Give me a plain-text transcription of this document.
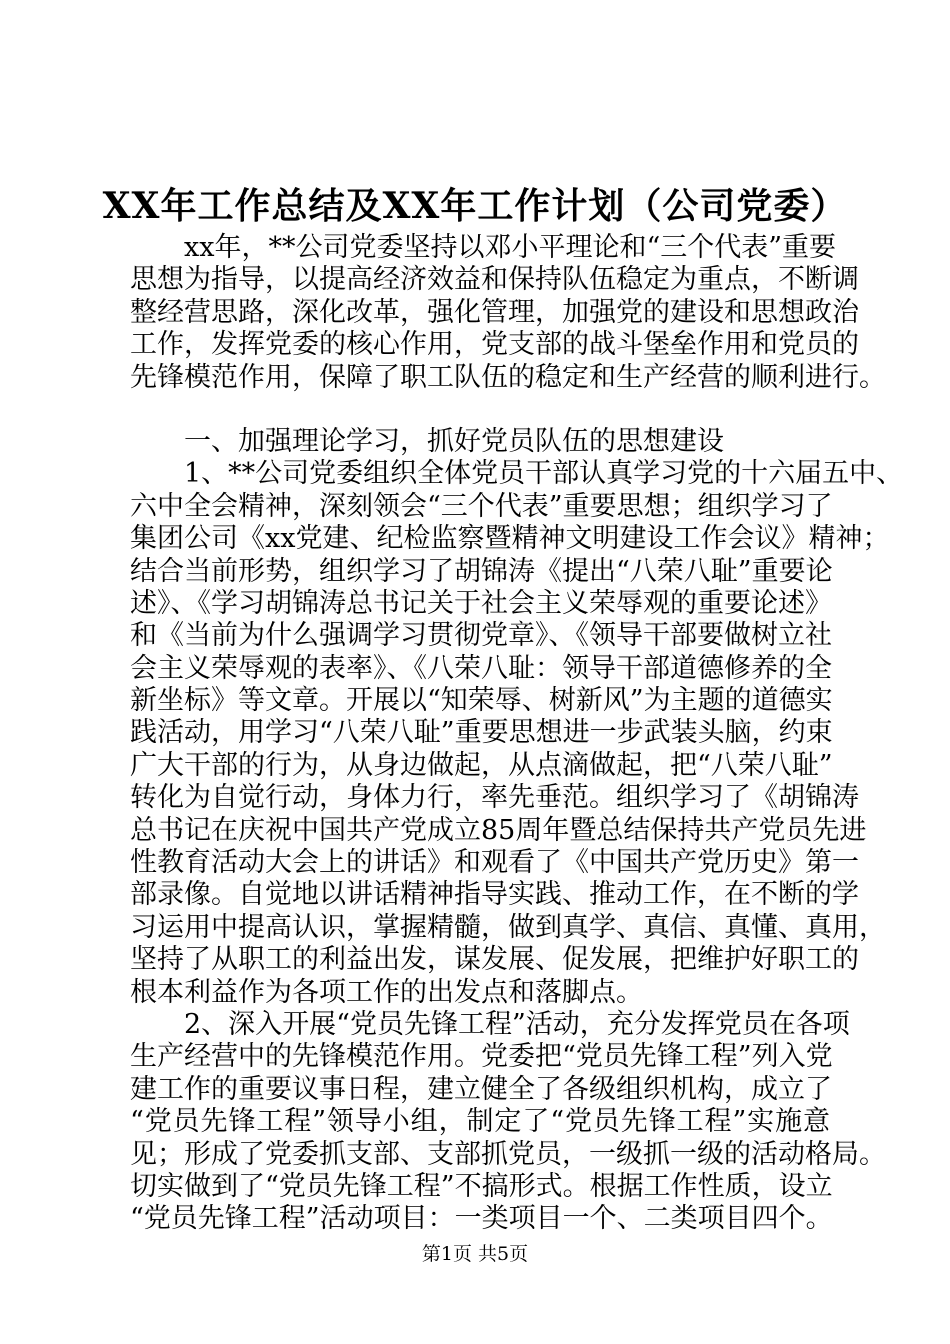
XX年工作总结及XX年工作计划（公司党委）
　　xx年，**公司党委坚持以邓小平理论和“三个代表”重要
思想为指导，以提高经济效益和保持队伍稳定为重点，不断调
整经营思路，深化改革，强化管理，加强党的建设和思想政治
工作，发挥党委的核心作用，党支部的战斗堡垒作用和党员的
先锋模范作用，保障了职工队伍的稳定和生产经营的顺利进行。
　　一、加强理论学习，抓好党员队伍的思想建设
　　1、**公司党委组织全体党员干部认真学习党的十六届五中、
六中全会精神，深刻领会“三个代表”重要思想；组织学习了
集团公司《xx党建、纪检监察暨精神文明建设工作会议》精神；
结合当前形势，组织学习了胡锦涛《提出“八荣八耻”重要论
述》、《学习胡锦涛总书记关于社会主义荣辱观的重要论述》
和《当前为什么强调学习贯彻党章》、《领导干部要做树立社
会主义荣辱观的表率》、《八荣八耻：领导干部道德修养的全
新坐标》等文章。开展以“知荣辱、树新风”为主题的道德实
践活动，用学习“八荣八耻”重要思想进一步武装头脑，约束
广大干部的行为，从身边做起，从点滴做起，把“八荣八耻”
转化为自觉行动，身体力行，率先垂范。组织学习了《胡锦涛
总书记在庆祝中国共产党成立85周年暨总结保持共产党员先进
性教育活动大会上的讲话》和观看了《中国共产党历史》第一
部录像。自觉地以讲话精神指导实践、推动工作，在不断的学
习运用中提高认识，掌握精髓，做到真学、真信、真懂、真用，
坚持了从职工的利益出发，谋发展、促发展，把维护好职工的
根本利益作为各项工作的出发点和落脚点。
　　2、深入开展“党员先锋工程”活动，充分发挥党员在各项
生产经营中的先锋模范作用。党委把“党员先锋工程”列入党
建工作的重要议事日程，建立健全了各级组织机构，成立了
“党员先锋工程”领导小组，制定了“党员先锋工程”实施意
见；形成了党委抓支部、支部抓党员，一级抓一级的活动格局。
切实做到了“党员先锋工程”不搞形式。根据工作性质，设立
“党员先锋工程”活动项目：一类项目一个、二类项目四个。
第1页 共5页
